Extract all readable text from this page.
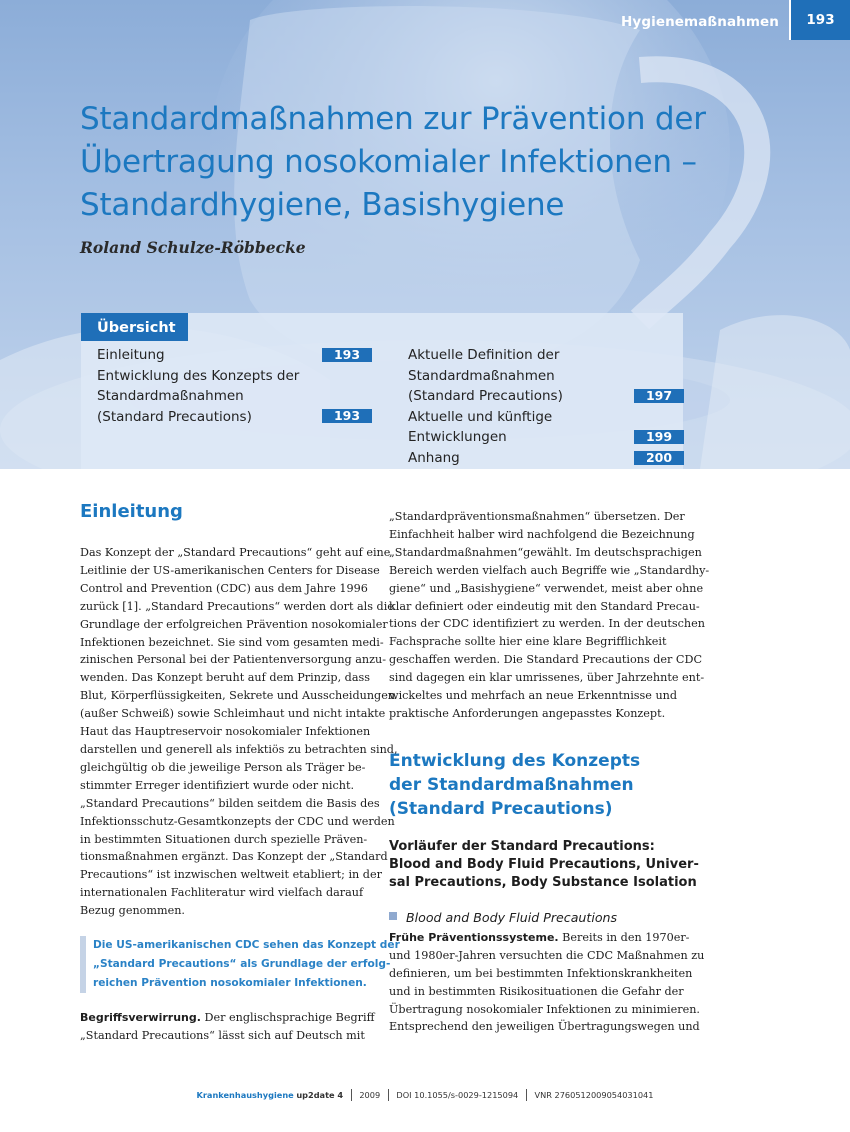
Hygienemaßnahmen	193
Standardmaßnahmen zur Prävention der
Übertragung nosokomialer Infektionen –
Standardhygiene, Basishygiene
Roland Schulze-Röbbecke
Übersicht
Einleitung	193
Entwicklung des Konzepts der
Standardmaßnahmen
(Standard Precautions)	193
Aktuelle Definition der
Standardmaßnahmen
(Standard Precautions)	197
Aktuelle und künftige
Entwicklungen	199
Anhang	200
Einleitung
Das Konzept der „Standard Precautions“ geht auf eine
Leitlinie der US-amerikanischen Centers for Disease
Control and Prevention (CDC) aus dem Jahre 1996
zurück [1]. „Standard Precautions“ werden dort als die
Grundlage der erfolgreichen Prävention nosokomialer
Infektionen bezeichnet. Sie sind vom gesamten medi-
zinischen Personal bei der Patientenversorgung anzu-
wenden. Das Konzept beruht auf dem Prinzip, dass
Blut, Körperflüssigkeiten, Sekrete und Ausscheidungen
(außer Schweiß) sowie Schleimhaut und nicht intakte
Haut das Hauptreservoir nosokomialer Infektionen
darstellen und generell als infektiös zu betrachten sind,
gleichgültig ob die jeweilige Person als Träger be-
stimmter Erreger identifiziert wurde oder nicht.
„Standard Precautions“ bilden seitdem die Basis des
Infektionsschutz-Gesamtkonzepts der CDC und werden
in bestimmten Situationen durch spezielle Präven-
tionsmaßnahmen ergänzt. Das Konzept der „Standard
Precautions“ ist inzwischen weltweit etabliert; in der
internationalen Fachliteratur wird vielfach darauf
Bezug genommen.
Die US-amerikanischen CDC sehen das Konzept der
„Standard Precautions“ als Grundlage der erfolg-
reichen Prävention nosokomialer Infektionen.
Begriffsverwirrung. Der englischsprachige Begriff
„Standard Precautions“ lässt sich auf Deutsch mit
„Standardpräventionsmaßnahmen“ übersetzen. Der
Einfachheit halber wird nachfolgend die Bezeichnung
„Standardmaßnahmen“gewählt. Im deutschsprachigen
Bereich werden vielfach auch Begriffe wie „Standardhy-
giene“ und „Basishygiene“ verwendet, meist aber ohne
klar definiert oder eindeutig mit den Standard Precau-
tions der CDC identifiziert zu werden. In der deutschen
Fachsprache sollte hier eine klare Begrifflichkeit
geschaffen werden. Die Standard Precautions der CDC
sind dagegen ein klar umrissenes, über Jahrzehnte ent-
wickeltes und mehrfach an neue Erkenntnisse und
praktische Anforderungen angepasstes Konzept.
Entwicklung des Konzepts
der Standardmaßnahmen
(Standard Precautions)
Vorläufer der Standard Precautions:
Blood and Body Fluid Precautions, Univer-
sal Precautions, Body Substance Isolation
Blood and Body Fluid Precautions
Frühe Präventionssysteme. Bereits in den 1970er-
und 1980er-Jahren versuchten die CDC Maßnahmen zu
definieren, um bei bestimmten Infektionskrankheiten
und in bestimmten Risikosituationen die Gefahr der
Übertragung nosokomialer Infektionen zu minimieren.
Entsprechend den jeweiligen Übertragungswegen und
Krankenhaushygiene up2date 4 2009 DOI 10.1055/s-0029-1215094 VNR 2760512009054031041
